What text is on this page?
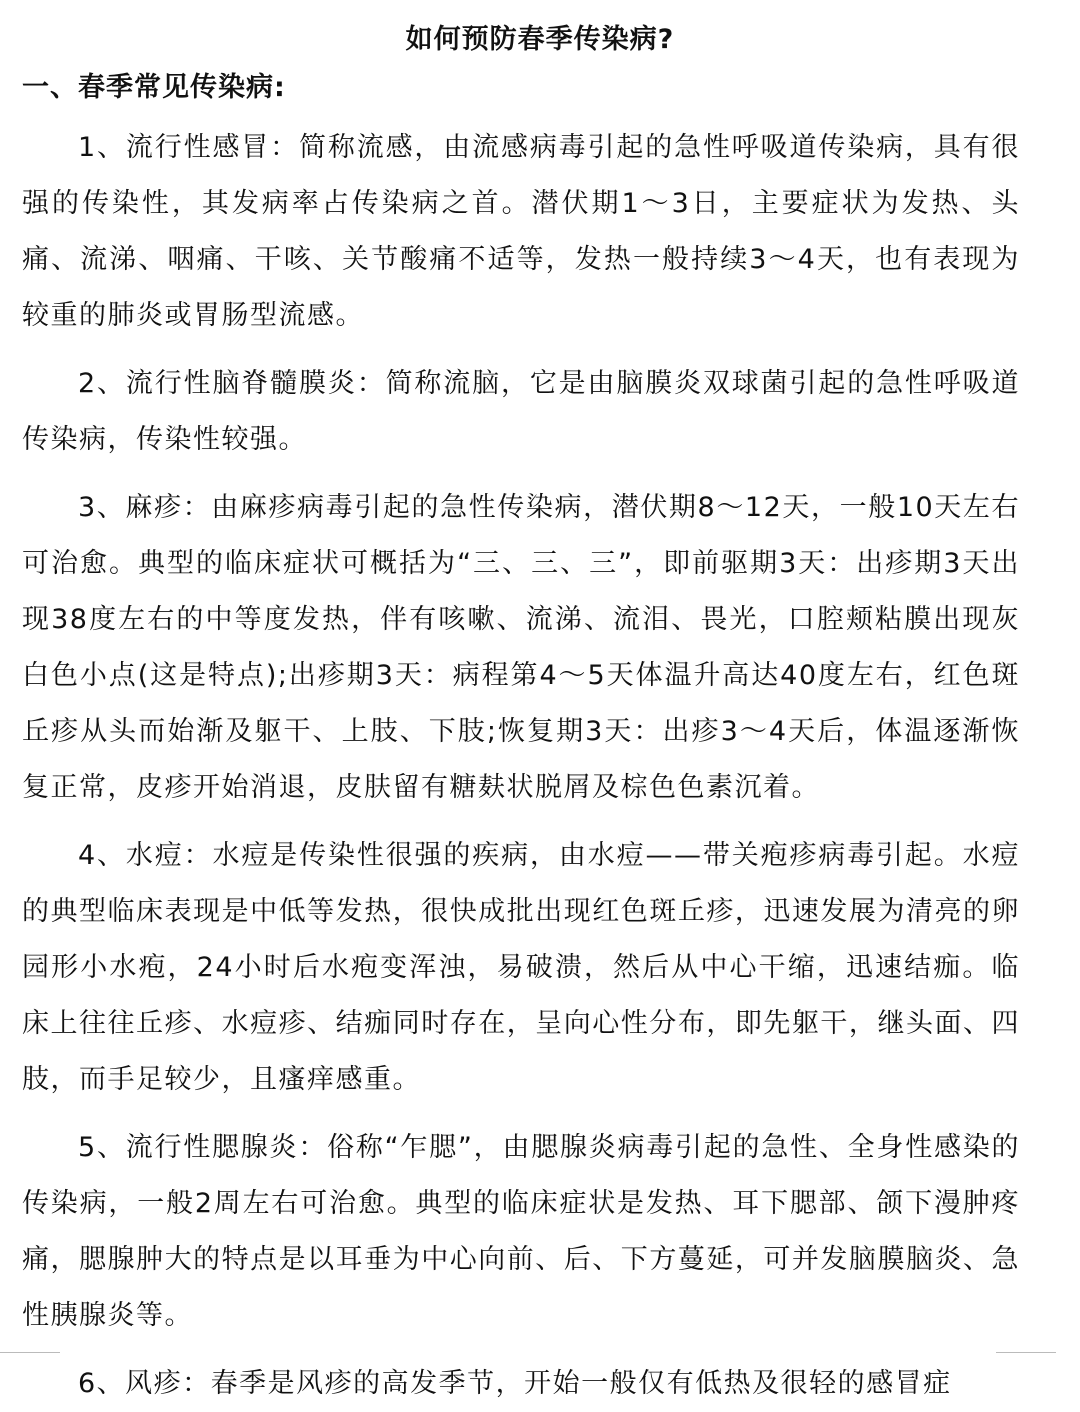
如何预防春季传染病?
一、春季常见传染病:

1、流行性感冒：简称流感，由流感病毒引起的急性呼吸道传染病，具有很强的传染性，其发病率占传染病之首。潜伏期1～3日，主要症状为发热、头痛、流涕、咽痛、干咳、关节酸痛不适等，发热一般持续3～4天，也有表现为较重的肺炎或胃肠型流感。

2、流行性脑脊髓膜炎：简称流脑，它是由脑膜炎双球菌引起的急性呼吸道传染病，传染性较强。

3、麻疹：由麻疹病毒引起的急性传染病，潜伏期8～12天，一般10天左右可治愈。典型的临床症状可概括为“三、三、三”，即前驱期3天：出疹期3天出现38度左右的中等度发热，伴有咳嗽、流涕、流泪、畏光，口腔颊粘膜出现灰白色小点(这是特点);出疹期3天：病程第4～5天体温升高达40度左右，红色斑丘疹从头而始渐及躯干、上肢、下肢;恢复期3天：出疹3～4天后，体温逐渐恢复正常，皮疹开始消退，皮肤留有糖麸状脱屑及棕色色素沉着。

4、水痘：水痘是传染性很强的疾病，由水痘——带关疱疹病毒引起。水痘的典型临床表现是中低等发热，很快成批出现红色斑丘疹，迅速发展为清亮的卵园形小水疱，24小时后水疱变浑浊，易破溃，然后从中心干缩，迅速结痂。临床上往往丘疹、水痘疹、结痂同时存在，呈向心性分布，即先躯干，继头面、四肢，而手足较少，且瘙痒感重。

5、流行性腮腺炎：俗称“乍腮”，由腮腺炎病毒引起的急性、全身性感染的传染病，一般2周左右可治愈。典型的临床症状是发热、耳下腮部、颌下漫肿疼痛，腮腺肿大的特点是以耳垂为中心向前、后、下方蔓延，可并发脑膜脑炎、急性胰腺炎等。

6、风疹：春季是风疹的高发季节，开始一般仅有低热及很轻的感冒症
